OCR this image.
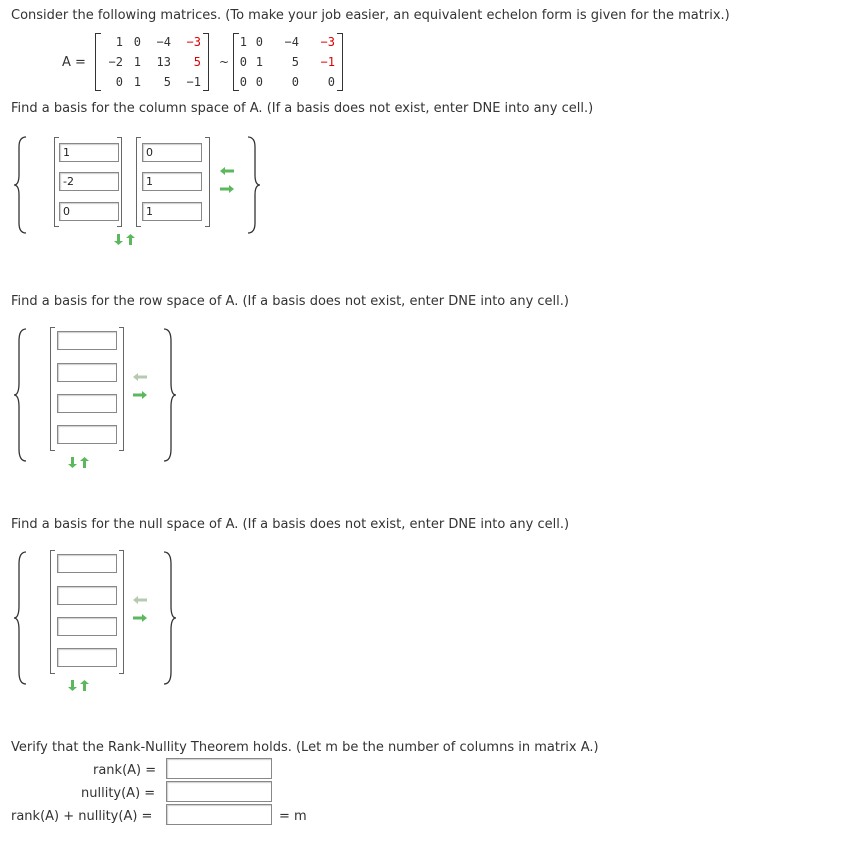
Consider the following matrices. (To make your job easier, an equivalent echelon form is given for the matrix.)
A =
1 0	−4	−3
−2 1	13	5
0 1	5	−1
~
1 0	−4	−3
0 1	5	−1
0 0	0	0
Find a basis for the column space of A. (If a basis does not exist, enter DNE into any cell.)
1
-2
0
0
1
1
Find a basis for the row space of A. (If a basis does not exist, enter DNE into any cell.)
Find a basis for the null space of A. (If a basis does not exist, enter DNE into any cell.)
Verify that the Rank-Nullity Theorem holds. (Let m be the number of columns in matrix A.)
rank(A) =
nullity(A) =
rank(A) + nullity(A) =	= m
